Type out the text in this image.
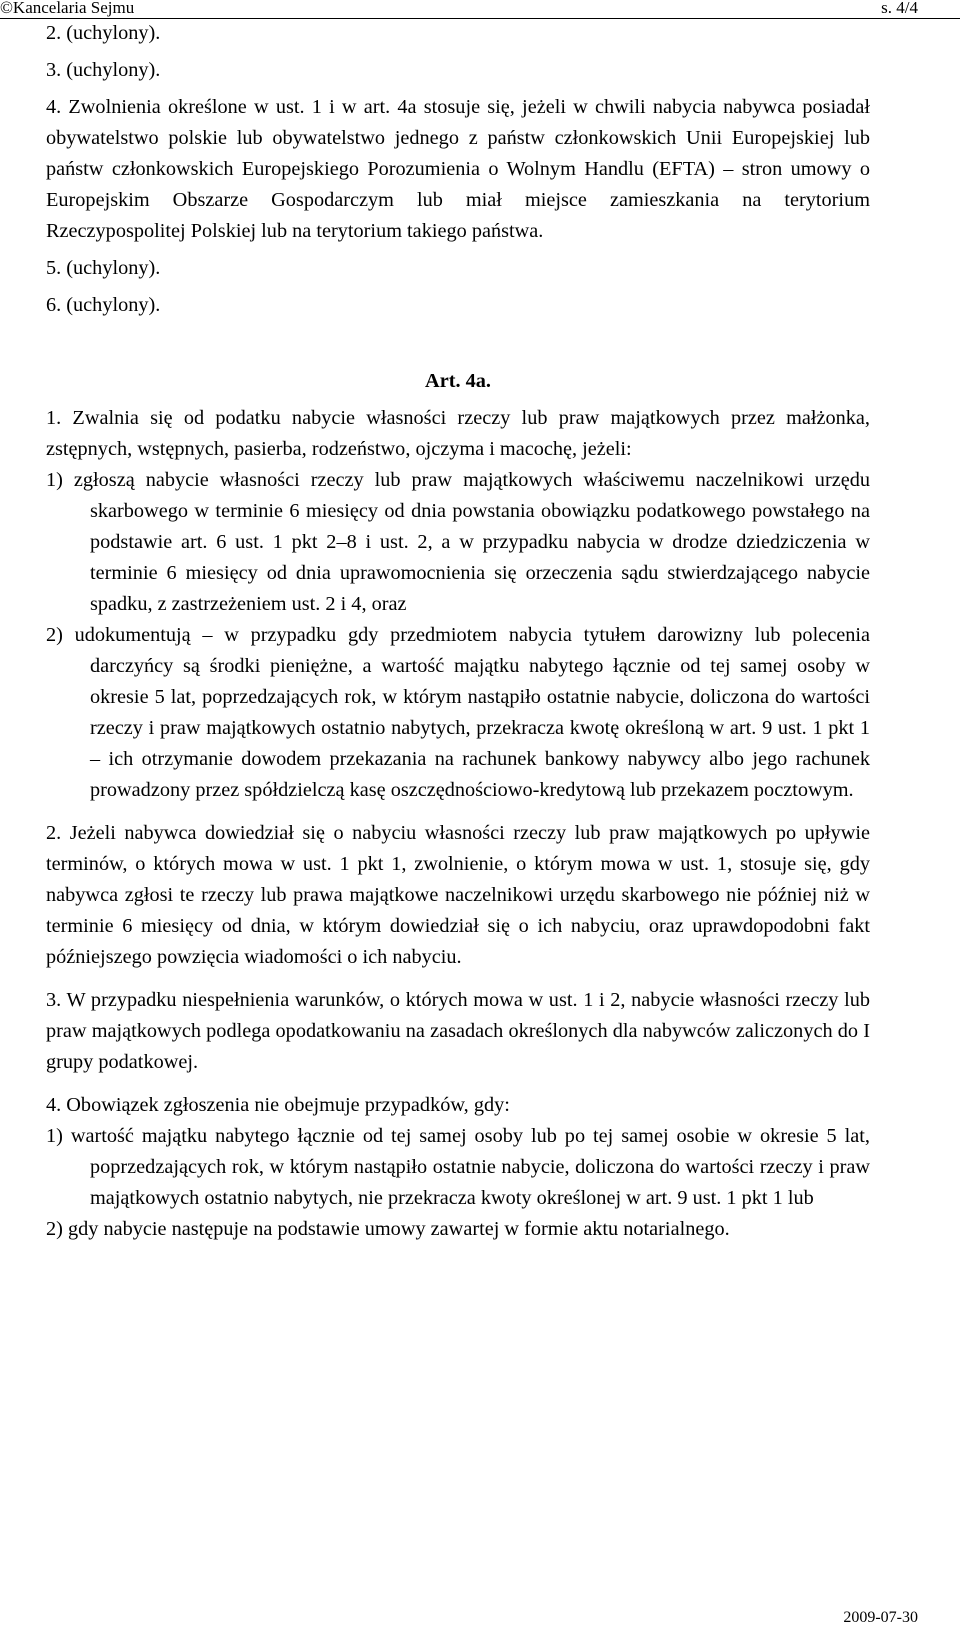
©Kancelaria Sejmu	s. 4/4

2. (uchylony).

3. (uchylony).

4. Zwolnienia określone w ust. 1 i w art. 4a stosuje się, jeżeli w chwili nabycia nabywca posiadał obywatelstwo polskie lub obywatelstwo jednego z państw członkowskich Unii Europejskiej lub państw członkowskich Europejskiego Porozumienia o Wolnym Handlu (EFTA) – stron umowy o Europejskim Obszarze Gospodarczym lub miał miejsce zamieszkania na terytorium Rzeczypospolitej Polskiej lub na terytorium takiego państwa.

5. (uchylony).

6. (uchylony).

Art. 4a.

1. Zwalnia się od podatku nabycie własności rzeczy lub praw majątkowych przez małżonka, zstępnych, wstępnych, pasierba, rodzeństwo, ojczyma i macochę, jeżeli:

1) zgłoszą nabycie własności rzeczy lub praw majątkowych właściwemu naczelnikowi urzędu skarbowego w terminie 6 miesięcy od dnia powstania obowiązku podatkowego powstałego na podstawie art. 6 ust. 1 pkt 2–8 i ust. 2, a w przypadku nabycia w drodze dziedziczenia w terminie 6 miesięcy od dnia uprawomocnienia się orzeczenia sądu stwierdzającego nabycie spadku, z zastrzeżeniem ust. 2 i 4, oraz

2) udokumentują – w przypadku gdy przedmiotem nabycia tytułem darowizny lub polecenia darczyńcy są środki pieniężne, a wartość majątku nabytego łącznie od tej samej osoby w okresie 5 lat, poprzedzających rok, w którym nastąpiło ostatnie nabycie, doliczona do wartości rzeczy i praw majątkowych ostatnio nabytych, przekracza kwotę określoną w art. 9 ust. 1 pkt 1 – ich otrzymanie dowodem przekazania na rachunek bankowy nabywcy albo jego rachunek prowadzony przez spółdzielczą kasę oszczędnościowo-kredytową lub przekazem pocztowym.

2. Jeżeli nabywca dowiedział się o nabyciu własności rzeczy lub praw majątkowych po upływie terminów, o których mowa w ust. 1 pkt 1, zwolnienie, o którym mowa w ust. 1, stosuje się, gdy nabywca zgłosi te rzeczy lub prawa majątkowe naczelnikowi urzędu skarbowego nie później niż w terminie 6 miesięcy od dnia, w którym dowiedział się o ich nabyciu, oraz uprawdopodobni fakt późniejszego powzięcia wiadomości o ich nabyciu.

3. W przypadku niespełnienia warunków, o których mowa w ust. 1 i 2, nabycie własności rzeczy lub praw majątkowych podlega opodatkowaniu na zasadach określonych dla nabywców zaliczonych do I grupy podatkowej.

4. Obowiązek zgłoszenia nie obejmuje przypadków, gdy:

1) wartość majątku nabytego łącznie od tej samej osoby lub po tej samej osobie w okresie 5 lat, poprzedzających rok, w którym nastąpiło ostatnie nabycie, doliczona do wartości rzeczy i praw majątkowych ostatnio nabytych, nie przekracza kwoty określonej w art. 9 ust. 1 pkt 1 lub

2) gdy nabycie następuje na podstawie umowy zawartej w formie aktu notarialnego.

2009-07-30
